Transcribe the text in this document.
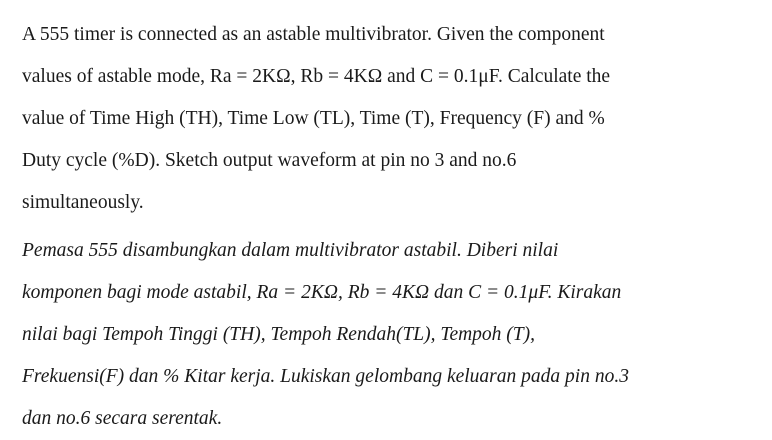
A 555 timer is connected as an astable multivibrator. Given the component
values of astable mode, Ra = 2KΩ, Rb = 4KΩ and C = 0.1μF. Calculate the
value of Time High (TH), Time Low (TL), Time (T), Frequency (F) and %
Duty cycle (%D). Sketch output waveform at pin no 3 and no.6
simultaneously.

Pemasa 555 disambungkan dalam multivibrator astabil. Diberi nilai
komponen bagi mode astabil, Ra = 2KΩ, Rb = 4KΩ dan C = 0.1μF. Kirakan
nilai bagi Tempoh Tinggi (TH), Tempoh Rendah(TL), Tempoh (T),
Frekuensi(F) dan % Kitar kerja. Lukiskan gelombang keluaran pada pin no.3
dan no.6 secara serentak.
